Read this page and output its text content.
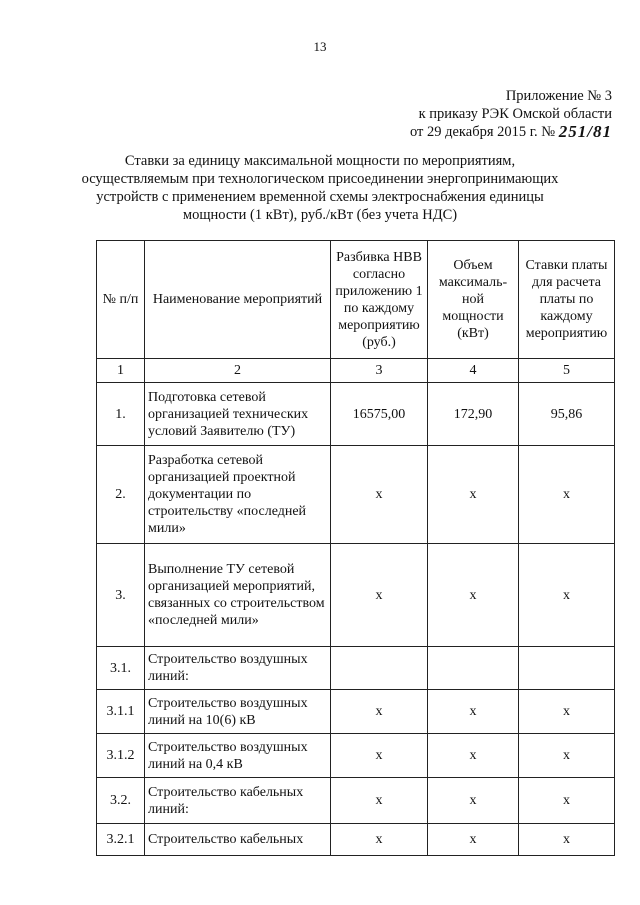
13
Приложение № 3
к приказу РЭК Омской области
от 29 декабря 2015 г. № 251/81
Ставки за единицу максимальной мощности по мероприятиям, осуществляемым при технологическом присоединении энергопринимающих устройств с применением временной схемы электроснабжения единицы мощности (1 кВт), руб./кВт (без учета НДС)
№ п/п	Наименование мероприятий	Разбивка НВВ согласно приложению 1 по каждому мероприятию (руб.)	Объем максималь-ной мощности (кВт)	Ставки платы для расчета платы по каждому мероприятию
1	2	3	4	5
1.	Подготовка сетевой организацией технических условий Заявителю (ТУ)	16575,00	172,90	95,86
2.	Разработка сетевой организацией проектной документации по строительству «последней мили»	x	x	x
3.	Выполнение ТУ сетевой организацией мероприятий, связанных со строительством «последней мили»	x	x	x
3.1.	Строительство воздушных линий:			
3.1.1	Строительство воздушных линий на 10(6) кВ	x	x	x
3.1.2	Строительство воздушных линий на 0,4 кВ	x	x	x
3.2.	Строительство кабельных линий:	x	x	x
3.2.1	Строительство кабельных	x	x	x
